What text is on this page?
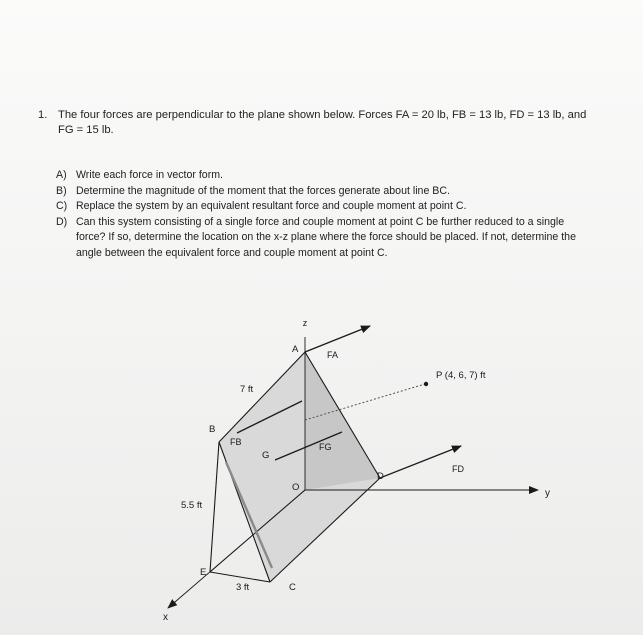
1. The four forces are perpendicular to the plane shown below. Forces FA = 20 lb, FB = 13 lb, FD = 13 lb, and FG = 15 lb.
A) Write each force in vector form.
B) Determine the magnitude of the moment that the forces generate about line BC.
C) Replace the system by an equivalent resultant force and couple moment at point C.
D) Can this system consisting of a single force and couple moment at point C be further reduced to a single force? If so, determine the location on the x-z plane where the force should be placed. If not, determine the angle between the equivalent force and couple moment at point C.
z
y
x
O
A
B
C
D
E
G
FA
FB	FG
FD
7 ft
5.5 ft
3 ft
P (4, 6, 7) ft
